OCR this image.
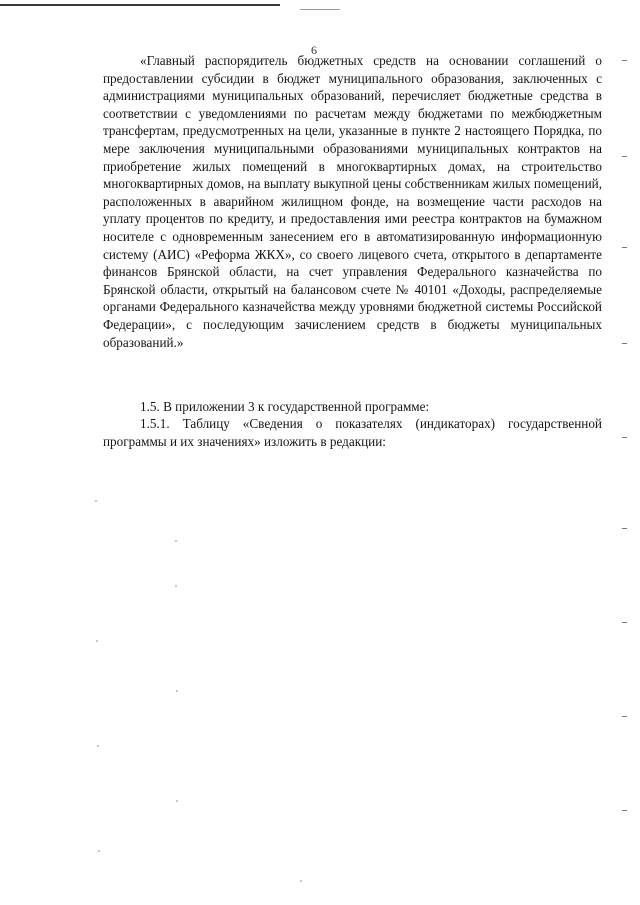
6

«Главный распорядитель бюджетных средств на основании соглашений о предоставлении субсидии в бюджет муниципального образования, заключенных с администрациями муниципальных образований, перечисляет бюджетные средства в соответствии с уведомлениями по расчетам между бюджетами по межбюджетным трансфертам, предусмотренных на цели, указанные в пункте 2 настоящего Порядка, по мере заключения муниципальными образованиями муниципальных контрактов на приобретение жилых помещений в многоквартирных домах, на строительство многоквартирных домов, на выплату выкупной цены собственникам жилых помещений, расположенных в аварийном жилищном фонде, на возмещение части расходов на уплату процентов по кредиту, и предоставления ими реестра контрактов на бумажном носителе с одновременным занесением его в автоматизированную информационную систему (АИС) «Реформа ЖКХ», со своего лицевого счета, открытого в департаменте финансов Брянской области, на счет управления Федерального казначейства по Брянской области, открытый на балансовом счете № 40101 «Доходы, распределяемые органами Федерального казначейства между уровнями бюджетной системы Российской Федерации», с последующим зачислением средств в бюджеты муниципальных образований.»

1.5. В приложении 3 к государственной программе:

1.5.1. Таблицу «Сведения о показателях (индикаторах) государственной программы и их значениях» изложить в редакции:
